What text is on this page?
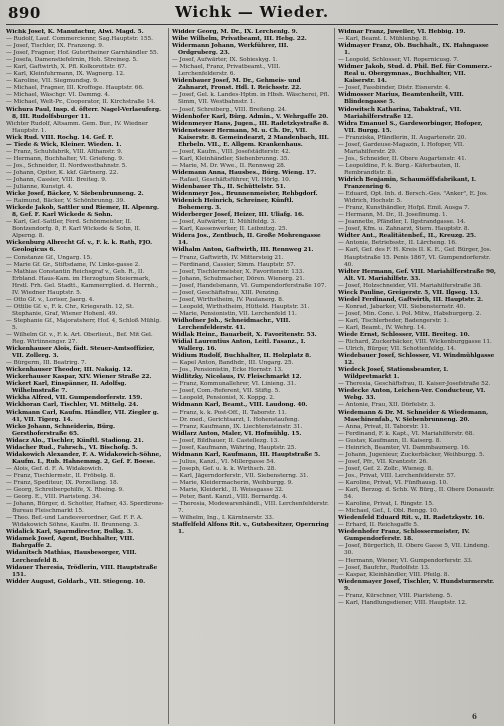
890	Wichk — Wieder.
Wichk Josef, K. Manufactur, Alwi. Magd. 5.
— Rudolf, Lauf. Commerciennr, Sag.Hauptstr. 155.
— Josef, Tischler, IX. Franzeng. 9.
— Josef, Fragner, Hof. Gutertheiner Garnhändler 55.
— Josefa, Damenstiefelrnin, Hoh. Streineg. 5.
— Karl, Gaftwirth, X. Pfl. Kolkorottstr. 67.
— Karl, Kleinfuhrmann, IX. Wagnerg. 12.
— Karoline, VII. Siegmundsg. 9.
— Michael, Fragner, III. Kroffoge. Hauptstr. 66.
— Michael, Wäschgr. VI. Dammg. 4.
— Michael, Welt-Pr., Cooperator, II. Kirchstraße 14.
Wichura Paul, Insp. d. öfterr. Nagel-Verlaeuferg. 8, III. Rudolfsburger 11.
Wichter Rudolf, Altsamm. Gem. Bur., IV. Wiedner Hauptstr. 1.
Wick Rud. VIII. Rochg. 14. Gef. F.
— Tiede & Wick, Kleiner. Wieden. 1.
— Franz, Schuhfabrik, VIII. Althanstr. 9.
— Hermann, Buchhalter, VI. Griefeng. 9.
— Jos., Schneider, II. Nordwestbahnstr. 5.
— Johann, Opiter, K. kkf. Gärtnerg. 22.
— Johann, Cassier, VIII. Breiteg. 9.
— Julianne, Kunstgt. 4.
Wicke Josef, Bäcker, V. Siebenbrunneng. 2.
— Raimund, Bäcker, V. Schönbrunng. 39.
Wickede Jakob, Sattler und Riemer, II. Alpenrg. 8, Gef. F. Karl Wickede & Sohn.
— Karl, Gef.-Sattler, Ferd. Schönmeister, II. Bontzendorfg. 8, F. Karl Wickede & Sohn, II. Alperng. 8.
Wickenburg Albrecht Gf. v., F. k. k. Rath, FJO. Geologicus 6.
— Constanze Gf., Ungarg. 15.
— Marie Gf. Gr., Stiftsdame, IV. Linke-gasse 2.
— Mathias Constantin Reichsgraf v., Geh. R., II. Erbland. Haus-Kam. im Herzogtum Steiermark, Hrstl. Frh. Gel. Stadtt., Kammerrglied. d. Herrnh., IV. Wiedner Hauptstr. 5.
— Otto Gf. v., Loriser, Jaerg. 4.
— Ottilie Gf. v., F. k. Chr., Kriegsrath. 12, St. Stephanie, Graf, Wiener Hohenl. 49.
— Stephanie Gf., Majoratsherr, Hof. 4, Schloß Mühlg. 5.
— Wilhelm Gf. v., F. k. Art. Oberlieut., Bef. Mit Gel. Reg. Wirtinnengsr. 27.
Wickenhauser Alois, fädt. Steuer-Amtsoffizier, VII. Zollerg. 3.
— Bürgerm, III. Beatrirg. 7.
Wickenhauser Theodor, III. Nakaig. 12.
Wickerhauser Kaspar, XIV. Wiener Straße 22.
Wickert Karl, Einspänner, II. Adolfsg. Wilhelmstraße 7.
Wickha Alfred, VII. Gumpendorferstr. 159.
Wickhoran Carl, Tischler, VI. Mittelg. 24.
Wickmann Carl, Kaufm. Händler, VII. Ziegler g. 41, VII. Tigerg. 14.
Wicko Johann, Schneiderin, Bürg. Gersthoferstraße 65.
Widacz Alo., Tischler, Künftl. Stadiong. 21.
Widacher Rud., Fahrsch., VI. Bischofg. 5.
Widakowich Alexander, F. A. Widakowich-Söhne, Kaufm. I., Rub. Hahnemmg. 2, Gef. F. Boese.
— Alois, Gef. d. F. A. Widakowich.
— Franz, Tischlermstr., II. Fröbelg. 8.
— Franz, Spediteur, IX. Porzellang. 18.
— Georg, Schreibergehilfe, X. Rheing. 9.
— Georg. E., VIII. Piaristeng. 34.
— Johann, Bürger, d. Schotter, Hafner, 43. Sperdirons-Bureau Fleischmarkt 15.
— Theo. Bef.-und Landesverordner, Gef. F. F. A. Widakowich Söhne, Kaufm. II. Brunneng. 3.
Widalick Karl, Sparmdirector, Bulkg. 3.
Widamek Josef, Agent, Buchhalter, VIII. Bahrgaffe 2.
Widanitsch Mathias, Hausbesorger, VIII. Lerchenfeld 8.
Widauer Theresia, Trödlerin, VIII. Hauptstraße 151.
Widder August, Goldarb., VII. Stiegeng. 10.
Widder Georg, M. Dr., IX. Lerchenfg. 9.
Wibe Wilhelm, Privatbeamt, III. Hebg. 22.
Widermann Johann, Werkführer, III. Ordgruberg. 23.
— Josef, Aufwärter, IX. Sobieskyg. 1.
— Michael, Franz, Privatbeamt., VIII. Lerchenfelderstr. 6.
Widenbauer Josef, M. Dr., Gehmeis- und Zahnarzt, Fronst. Hdl. I. Reichsstr. 22.
— Josef, Gel. k. Landes-Hptm. in Hbsh. Wäscherei, Pfl. Simm, VII. Westbahnstr. 1.
— Josef, Schreiberg., VIII. Breiteng. 24.
Widenhofer Karl, Bürg. Admin., V. Wehrgaffe 20.
Widenmeyer Hans, Jugen., III. Radetzkystraße 8.
Widenstesser Hermann, M. u. Ch. Dr., VII. Kaiserstr. 8. Gemeindearzt, 2 Mandenbach, III. Ehrbeln. VII., E. Allgem. Krankenhaus.
— Josef, Kaufm., VIII. Josefstädterstr. 42.
— Karl, Kleinhändler, Siebenbrunng. 35.
— Marie, M. Dr. Wwe., II. Rennweg 28.
Widemann Anna, Hausbes., Bürg. Wieng. 17.
— Rafael, Geschäftsführer, VI. Hörlg. 10.
Widenbauer Th., II. Schüttelstr. 51.
Widenmeyr Jos., Brunnenmeister, Rehbgdorf.
Widenich Heinrich, Schreiner, Künftl. Bohemerg. 3.
Widerberger Josef, Heizer, III. Uliafg. 16.
— Josef, Aufwärter, II. Mühlfeldg. 3.
— Karl, Kassenwerker, II. Leibnitzg. 25.
Widera Jos., Zentbuch, II. Große Mohrengasse 14.
Widhalm Anton, Gaftwirth, III. Rennweg 21.
— Franz, Gaftwirth, IV. Mittersteig 21.
— Ferdinand, Cassier, Simm. Hauptstr. 57.
— Josef, Tischlermeister, X. Favoritenstr. 133.
— Johann, Schubmacher, Dören. Wienerg. 21.
— Josef, Handelsmann, VI. Gumpendorferstraße 107.
— Josef, Geschäftsfrau, XIII. Penzing.
— Josef, Wirthstheim, IV. Paulanerg. 8.
— Leopold, Wirthstheim, Hütteld. Hauptstr. 31.
— Marie, Pensionistin, VII. Lerchenfeld 11.
Widhofner Joh., Schneidmachr., VIII. Lerchenfelderstr. 41.
Widlak Heinr., Bauarbeit, X. Favoritenstr. 53.
Widial Laurentius Anton, Leitl. Fasanz., I. Wallerg. 16.
Widium Rudolf, Buchhalter, II. Holzplatz 8.
— Kapel Anton, Bandhdr., III. Ungarg. 25.
— Jos., Pensionistin, Ecke Hornstr. 13.
Widlitzky, Nicolaus, IV. Fleischmarkt 12.
— Franz, Kommunallehrer, VI. Linieng. 31.
— Josef, Com.-Referent, VII. Stiftg. 5.
— Leopold, Pensionist, X. Koppg. 2.
Widmann Karl, Beamt., VIII. Laudong. 40.
— Franz, k. k. Post-Off., II. Taborstr. 11.
— Dr. med., Gerichtsarzt, I. Hohenstaufeng.
— Franz, Kaufmann, IX. Liechtensteinstr. 31.
Widlarz Anton, Maler, VI. Hofmühlg. 15.
— Josef, Bildhauer, II. Castellezg. 13.
— Josef, Kaufmann, Währing, Hauptstr. 25.
Widmann Karl, Kaufmann, III. Hauptstraße 5.
— Julius, Kanzl., VI. Millergasse 54.
— Joseph, Gef. u. k. k. Wirthsch. 28.
— Karl, Jägerndorferstr., VII. Siebensterng. 31.
— Marie, Kleidermacherin, Weihburgg. 9.
— Marie, Kleiderkl., II. Weissgasse 32.
— Peter, Bant. Kanzl., VIII. Bernardg. 4.
— Theresia, Modewarenhändl., VIII. Lerchenfelderstr. 7.
— Wilhelm, Ing., I. Kärntnerstr. 33.
Staffelfeld Alfons Rit. v., Gutsbesitzer, Opernring 1.
Widmar Franz, Juweller, VI. Hebbig. 19.
— Karl, Beamt. I. Mühlenbg. 8.
Widmayer Franz, Ob. Buchhalt., IX. Hahngasse 1.
— Leopold, Schlosser, VI. Ropernicusg. 7.
Widmer Jakob, Stud. d. Phil. Bef. für Commerz.-Real u. Obergymnas., Buchhalter, VII. Kaiserstr. 14.
— Josef, Fassbinder, Distr. Eisnerstr. 4.
Widmosser Marius, Beamtenheilt, VIII. Blindengasse 5.
Widowitsch Katharina, Tabaktraf., VII. Mariahilferstraße 12.
Widra Emanuel S., Gardeworbinger, Hofoper, VII. Burgg. 15.
— Franziska, Pfändlerin, II. Augartenstr. 20.
— Josef, Gardeuse-Magazin, I. Hofoper, VII. Mariahilferstr. 29.
— Jos., Schneider, II. Obere Augartenstr. 41.
— Leopoldine, F. k. Burg.- Käferbauten, II. Rembrandtstr. 8.
Widrich Benjamin, Schaumöffsfabrikant, I. Franzenring 6.
— Eduard, Opt. Inh. d. Bersch.-Ges. "Anker", E. Jos. Widrich, Hochstr. 5.
— Franz, Kunsthändler, Hofpl. Emil. Ausga 7.
— Hermann, M. Dr., II. Josefinumg. 1.
— Jeannette, Pfändler, I. Ilgstrandgasse. 14.
— Josef, Kfm. u. Zahnarzt, Stern. Hauptstr. 8.
Widter Ant., Realitätenbef., II., Kreuzg. 25.
— Antonie, Betriebsstr., II. Lärcheng. 16.
— Karl, Gef. des F. H. Kreis II. K. E., Gef. Bürger, Jos. Hauptstraße 15. Penis 1867, VI. Gumpendorferstr. 40.
Widter Hermann, Gef. VIII. Mariahilferstraße 90, Alt. VI. Mariahilfstr. 33.
— Josef, Holzschneider, VII. Mariahilferstraße 38.
Wieck Pauline, Greigerstr. 5, VII. Ilgseg. 13.
Wiedel Ferdinand, Gaftwirth, III. Hauptstr. 2.
— Konrad, Jabarker, VII. Siebensternstr. 40.
— Josef, Min. Conc. i. Pol. Mitw., Habsburgerg. 2.
— Karl, Tischlerbeder, Badengerstr. 1.
— Karl, Beamt., IV. Wehrg. 14.
Wiede Ernst, Schlosser, VIII. Breiteg. 10.
— Richard, Zuckerbäcker, VIII. Wickenburggasse 11.
— Ulrich, Bürger, VII. Schottenfeldg. 14.
Wiedebauer Josef, Schlosser, VI. Windmühlgasse 12.
Wiedeck Josef, Stationsbeamter, I. Wildpretmarkt 1.
— Theresia, Geschäftsfrau, II. Kaiser-Josefstraße 52.
Wiedecke Anton, Leichen-Ver. Conducteur, VI. Webg. 33.
— Antonie, Frau, XII. Dörfelstr. 3.
Wiedemann & Dr. M. Schneider & Wiedemann, Maschinenfab., V. Siebenbrunneng. 20.
— Anna, Privat, II. Taborstr. 11.
— Ferdinand, F. k. Kapt., VI. Mariahilferstr. 68.
— Gustav, Kaufmann, II. Kaiserg. 8.
— Heinrich, Beamter, VI. Dammbaumerg. 16.
— Johann, Jugenieur, Zuckerbäcker, Weihburgg. 5.
— Josef, Pfr., VII. Krantzstr. 26.
— Josef, Gef. 2. Zollr., Wieneg. 8.
— Jos., Privat, VIII. Lerchenfelderstr. 57.
— Karoline, Privat, VI. Fünfhausg. 10.
— Karl, Berzog. d. Schb. W. Bürg., II. Obere Donaustr. 54.
— Karoline, Privat, I. Ringstr. 15.
— Michael, Gef., I. Obl. Rengg. 10.
Wiedenfeld Eduard Rit. v., II. Radetzkystr. 16.
— Erhard, II. Reichsgaffe 5.
Wiedenhofer Franz, Schlossermeister, IV. Gumpendorferstr. 18.
— Josef, Bürgerlich, II. Obere Gasse 5, VII. Lindeng. 30.
— Hermann, Wiener, VI. Gumpendorferstr. 33.
— Josef, Baufchr., Rudolfstr. 13.
— Kaspar, Kleinhändler, VIII. Pfeilg. 8.
Wiedenmayer Josef, Tischler, V. Hundsturmerstr. 9.
— Franz, Kürschner, VIII. Piaristeng. 5.
— Karl, Handlungsdiener, VIII. Hauptstr. 12.
6
